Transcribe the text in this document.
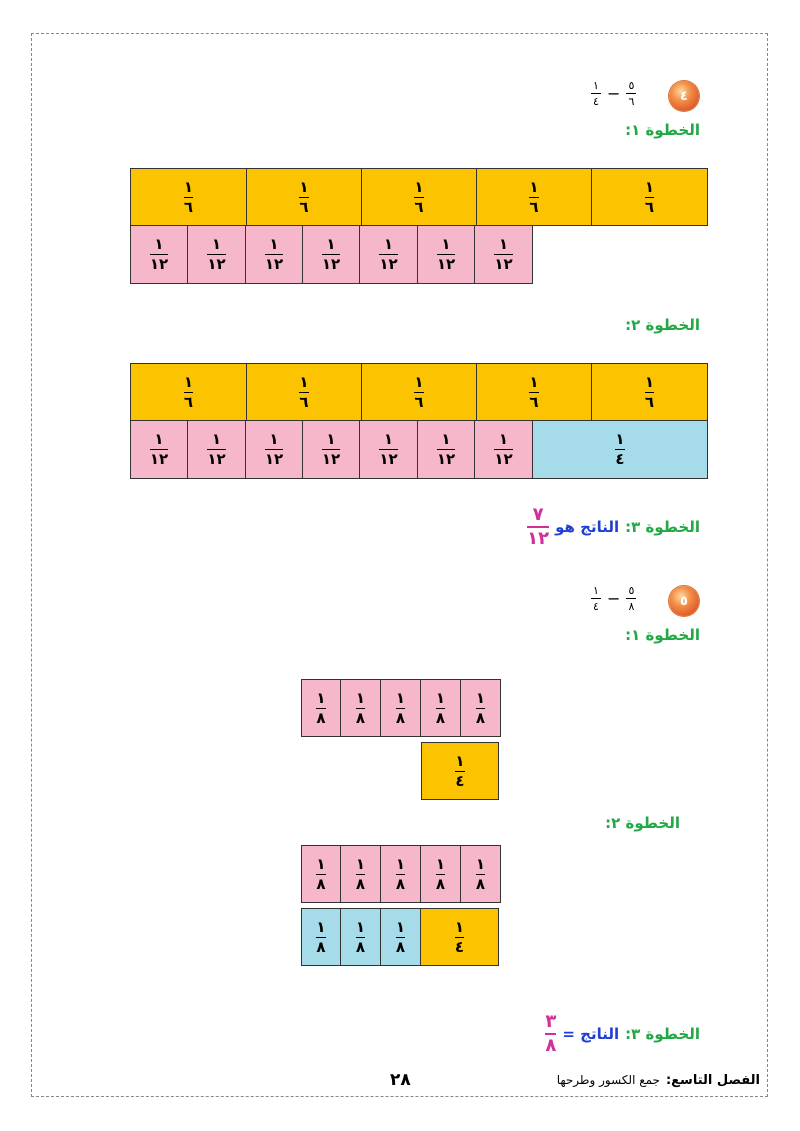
٤
$\frac{١}{٤} - \frac{٥}{٦}$
الخطوة ١:
$\frac{١}{٦}$	$\frac{١}{٦}$	$\frac{١}{٦}$	$\frac{١}{٦}$	$\frac{١}{٦}$
$\frac{١}{١٢}$	$\frac{١}{١٢}$	$\frac{١}{١٢}$	$\frac{١}{١٢}$	$\frac{١}{١٢}$	$\frac{١}{١٢}$	$\frac{١}{١٢}$
الخطوة ٢:
$\frac{١}{٦}$	$\frac{١}{٦}$	$\frac{١}{٦}$	$\frac{١}{٦}$	$\frac{١}{٦}$
$\frac{١}{١٢}$	$\frac{١}{١٢}$	$\frac{١}{١٢}$	$\frac{١}{١٢}$	$\frac{١}{١٢}$	$\frac{١}{١٢}$	$\frac{١}{١٢}$	$\frac{١}{٤}$
الخطوة ٣:
الناتج هو
$\frac{٧}{١٢}$
٥
$\frac{١}{٤} - \frac{٥}{٨}$
الخطوة ١:
$\frac{١}{٨} \frac{١}{٨} \frac{١}{٨} \frac{١}{٨} \frac{١}{٨}$
$\frac{١}{٤}$
الخطوة ٢:
$\frac{١}{٨} \frac{١}{٨} \frac{١}{٨} \frac{١}{٨} \frac{١}{٨}$
$\frac{١}{٨} \frac{١}{٨} \frac{١}{٨}$	$\frac{١}{٤}$
الخطوة ٣:
الناتج =
$\frac{٣}{٨}$
الفصل التاسع:
جمع الكسور وطرحها
٢٨
